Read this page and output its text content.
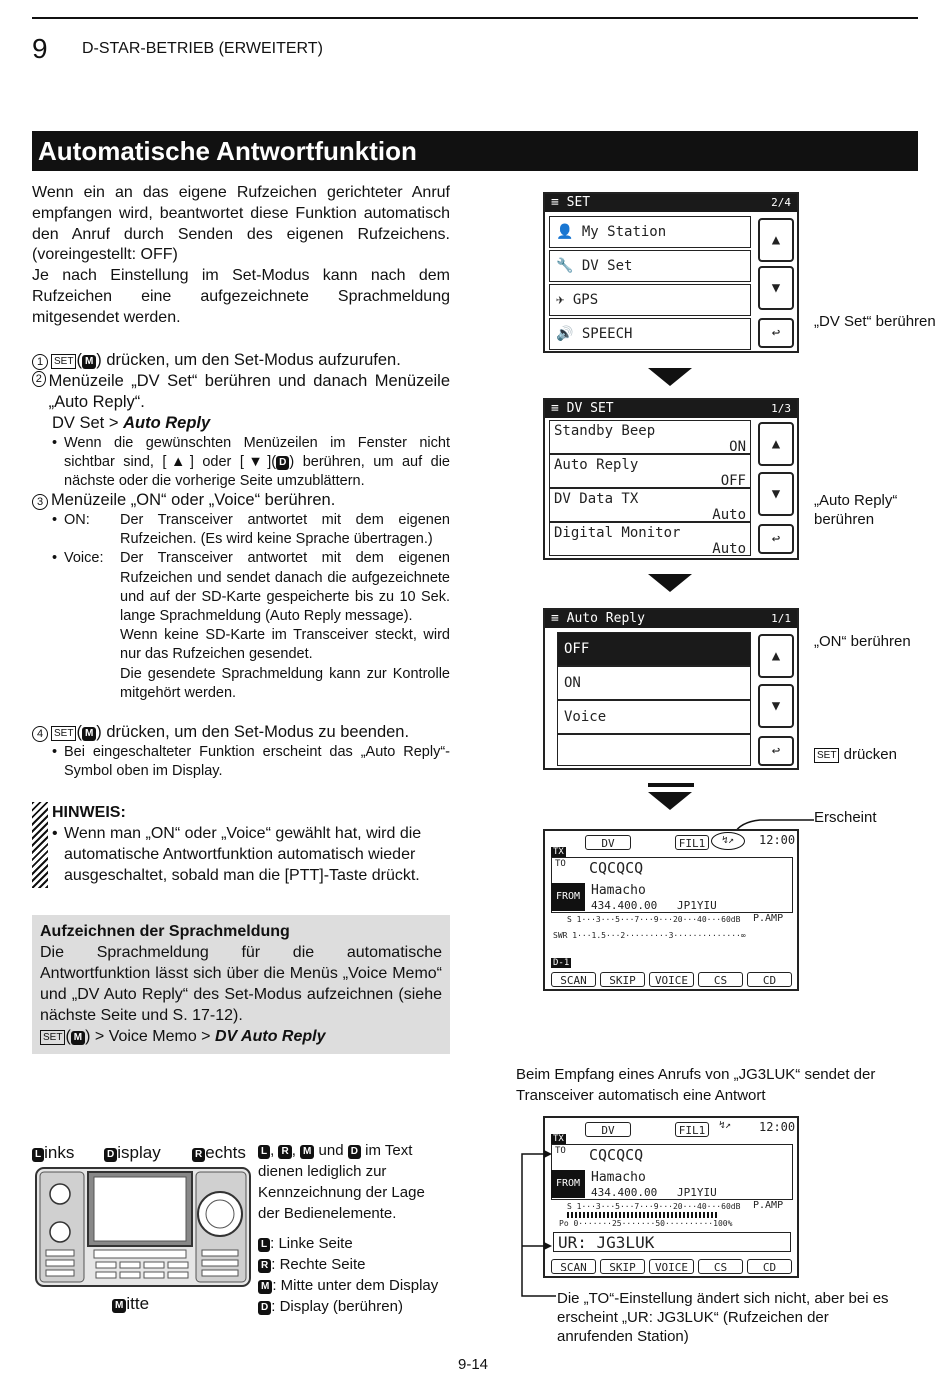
9 D-STAR-BETRIEB (ERWEITERT)
Automatische Antwortfunktion

Wenn ein an das eigene Rufzeichen gerichteter Anruf empfangen wird, beantwortet diese Funktion automatisch den Anruf durch Senden des eigenen Rufzeichens. (voreingestellt: OFF)

Je nach Einstellung im Set-Modus kann nach dem Rufzeichen eine aufgezeichnete Sprachmeldung mitgesendet werden.

1 SET ( M ) drücken, um den Set-Modus aufzurufen.
2 Menüzeile „DV Set“ berühren und danach Menüzeile „Auto Reply“.
DV Set > Auto Reply
• Wenn die gewünschten Menüzeilen im Fenster nicht sichtbar sind, [▲] oder [▼]( D ) berühren, um auf die nächste oder die vorherige Seite umzublättern.
3 Menüzeile „ON“ oder „Voice“ berühren.
• ON:	Der Transceiver antwortet mit dem eigenen Rufzeichen. (Es wird keine Sprache übertragen.)
• Voice:	Der Transceiver antwortet mit dem eigenen Rufzeichen und sendet danach die aufgezeichnete und auf der SD-Karte gespeicherte bis zu 10 Sek. lange Sprachmeldung (Auto Reply message).
Wenn keine SD-Karte im Transceiver steckt, wird nur das Rufzeichen gesendet.
Die gesendete Sprachmeldung kann zur Kontrolle mitgehört werden.
4 SET ( M ) drücken, um den Set-Modus zu beenden.
• Bei eingeschalteter Funktion erscheint das „Auto Reply“-Symbol oben im Display.
HINWEIS:
• Wenn man „ON“ oder „Voice“ gewählt hat, wird die automatische Antwortfunktion automatisch wieder ausgeschaltet, sobald man die [PTT]-Taste drückt.
Aufzeichnen der Sprachmeldung
Die Sprachmeldung für die automatische Antwortfunktion lässt sich über die Menüs „Voice Memo“ und „DV Auto Reply“ des Set-Modus aufzeichnen (siehe nächste Seite und S. 17-12).
SET ( M ) > Voice Memo > DV Auto Reply
L inks	D isplay	R echts
M itte
L , R , M und D im Text dienen lediglich zur Kennzeichnung der Lage der Bedienelemente.
L : Linke Seite
R : Rechte Seite
M : Mitte unter dem Display
D : Display (berühren)
≡ SET	2/4
👤 My Station
🔧 DV Set
✈ GPS
🔊 SPEECH
▲
▼
↩
„DV Set“ berühren
≡ DV SET	1/3
Standby Beep
ON
Auto Reply
OFF
DV Data TX
Auto
Digital Monitor
Auto
▲
▼
↩
„Auto Reply“ berühren
≡ Auto Reply	1/1
OFF
ON
Voice
▲
▼
↩
„ON“ berühren
SET drücken
Erscheint
DV	FIL1	↯↗	12:00
TX
TO CQCQCQ
FROM Hamacho
434.400.00 JP1YIU
S 1···3···5···7···9···20···40···60dB P.AMP
SWR 1···1.5···2·········3··············∞
D-1
SCAN	SKIP	VOICE	CS	CD
Beim Empfang eines Anrufs von „JG3LUK“ sendet der Transceiver automatisch eine Antwort
DV	FIL1	↯↗ 12:00
TX
TO CQCQCQ
FROM Hamacho
434.400.00 JP1YIU
S 1···3···5···7···9···20···40···60dB P.AMP
Po 0·······25·······50··········100%
UR: JG3LUK
SCAN	SKIP	VOICE	CS	CD
Die „TO“-Einstellung ändert sich nicht, aber bei es erscheint „UR: JG3LUK“ (Rufzeichen der anrufenden Station)
9-14
